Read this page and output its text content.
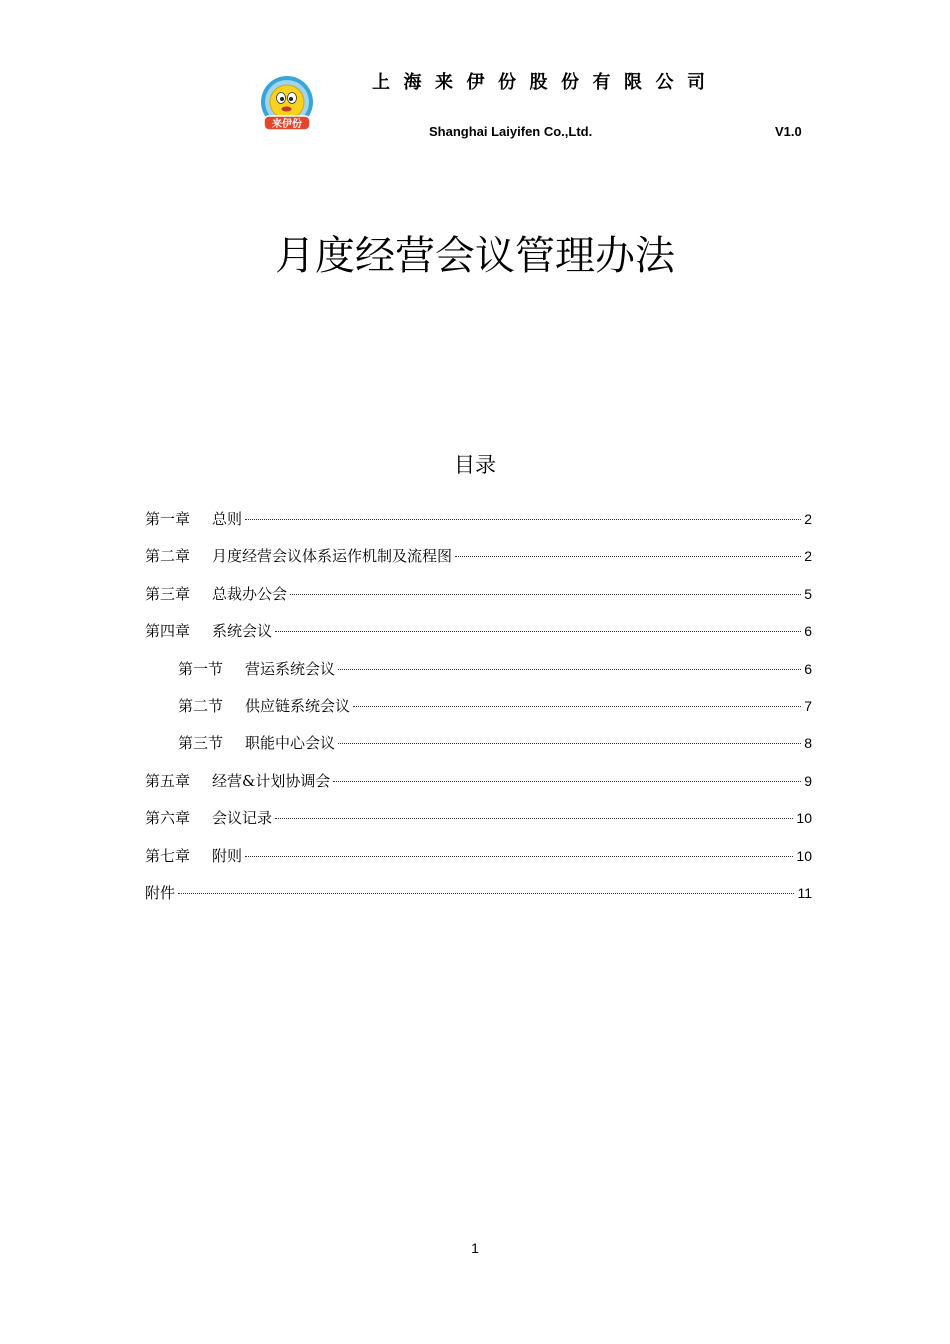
来伊份
上海来伊份股份有限公司
Shanghai Laiyifen Co.,Ltd.	V1.0
月度经营会议管理办法
目录
第一章	总则	2
第二章	月度经营会议体系运作机制及流程图	2
第三章	总裁办公会	5
第四章	系统会议	6
第一节	营运系统会议	6
第二节	供应链系统会议	7
第三节	职能中心会议	8
第五章	经营&计划协调会	9
第六章	会议记录	10
第七章	附则	10
附件	11
1
